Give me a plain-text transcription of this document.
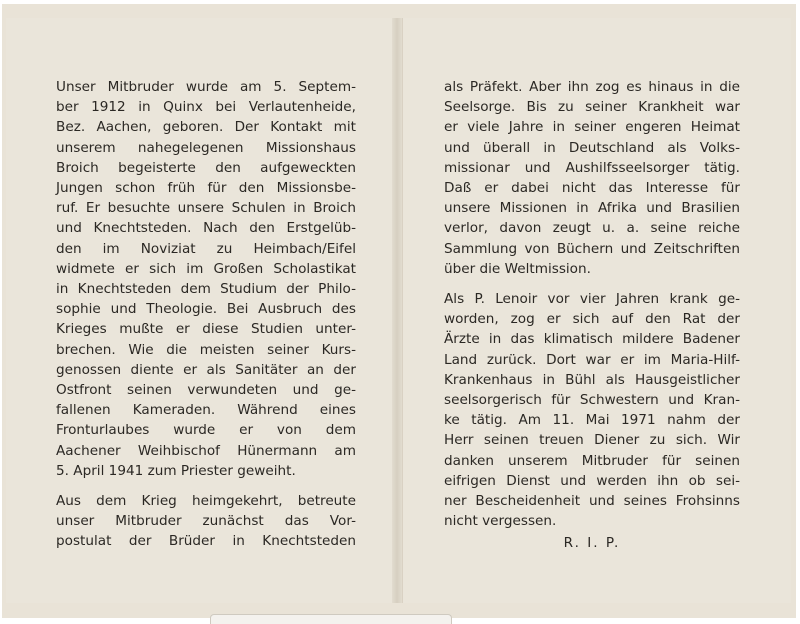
Unser Mitbruder wurde am 5. Septem-
ber 1912 in Quinx bei Verlautenheide,
Bez. Aachen, geboren. Der Kontakt mit
unserem nahegelegenen Missionshaus
Broich begeisterte den aufgeweckten
Jungen schon früh für den Missionsbe-
ruf. Er besuchte unsere Schulen in Broich
und Knechtsteden. Nach den Erstgelüb-
den im Noviziat zu Heimbach/Eifel
widmete er sich im Großen Scholastikat
in Knechtsteden dem Studium der Philo-
sophie und Theologie. Bei Ausbruch des
Krieges mußte er diese Studien unter-
brechen. Wie die meisten seiner Kurs-
genossen diente er als Sanitäter an der
Ostfront seinen verwundeten und ge-
fallenen Kameraden. Während eines
Fronturlaubes wurde er von dem
Aachener Weihbischof Hünermann am
5. April 1941 zum Priester geweiht.

Aus dem Krieg heimgekehrt, betreute
unser Mitbruder zunächst das Vor-
postulat der Brüder in Knechtsteden

als Präfekt. Aber ihn zog es hinaus in die
Seelsorge. Bis zu seiner Krankheit war
er viele Jahre in seiner engeren Heimat
und überall in Deutschland als Volks-
missionar und Aushilfsseelsorger tätig.
Daß er dabei nicht das Interesse für
unsere Missionen in Afrika und Brasilien
verlor, davon zeugt u. a. seine reiche
Sammlung von Büchern und Zeitschriften
über die Weltmission.

Als P. Lenoir vor vier Jahren krank ge-
worden, zog er sich auf den Rat der
Ärzte in das klimatisch mildere Badener
Land zurück. Dort war er im Maria-Hilf-
Krankenhaus in Bühl als Hausgeistlicher
seelsorgerisch für Schwestern und Kran-
ke tätig. Am 11. Mai 1971 nahm der
Herr seinen treuen Diener zu sich. Wir
danken unserem Mitbruder für seinen
eifrigen Dienst und werden ihn ob sei-
ner Bescheidenheit und seines Frohsinns
nicht vergessen.

R. I. P.
